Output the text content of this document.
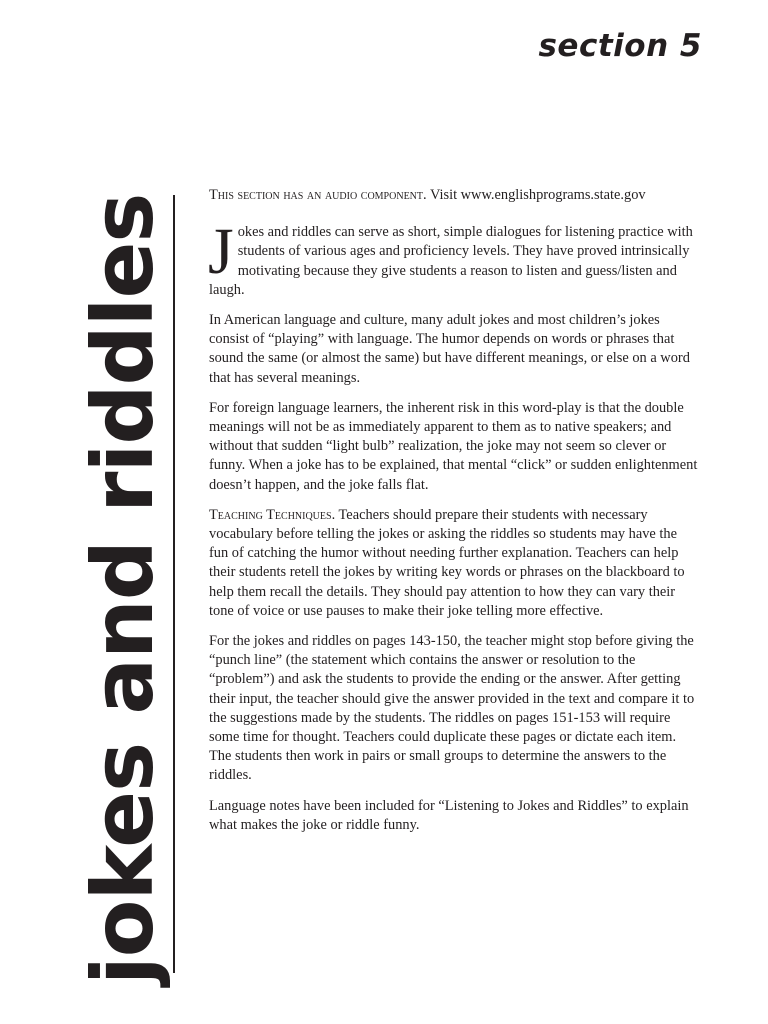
section 5
jokes and riddles	This section has an audio component. Visit www.englishprograms.state.gov

Jokes and riddles can serve as short, simple dialogues for listening practice with students of various ages and proficiency levels. They have proved intrinsically motivating because they give students a reason to listen and guess/listen and laugh.

In American language and culture, many adult jokes and most children’s jokes consist of “playing” with language. The humor depends on words or phrases that sound the same (or almost the same) but have different meanings, or else on a word that has several meanings.

For foreign language learners, the inherent risk in this word-play is that the double meanings will not be as immediately apparent to them as to native speakers; and without that sudden “light bulb” realization, the joke may not seem so clever or funny. When a joke has to be explained, that mental “click” or sudden enlightenment doesn’t happen, and the joke falls flat.

Teaching Techniques. Teachers should prepare their students with necessary vocabulary before telling the jokes or asking the riddles so students may have the fun of catching the humor without needing further explanation. Teachers can help their students retell the jokes by writing key words or phrases on the blackboard to help them recall the details. They should pay attention to how they can vary their tone of voice or use pauses to make their joke telling more effective.

For the jokes and riddles on pages 143-150, the teacher might stop before giving the “punch line” (the statement which contains the answer or resolution to the “problem”) and ask the students to provide the ending or the answer. After getting their input, the teacher should give the answer provided in the text and compare it to the suggestions made by the students. The riddles on pages 151-153 will require some time for thought. Teachers could duplicate these pages or dictate each item. The students then work in pairs or small groups to determine the answers to the riddles.

Language notes have been included for “Listening to Jokes and Riddles” to explain what makes the joke or riddle funny.
